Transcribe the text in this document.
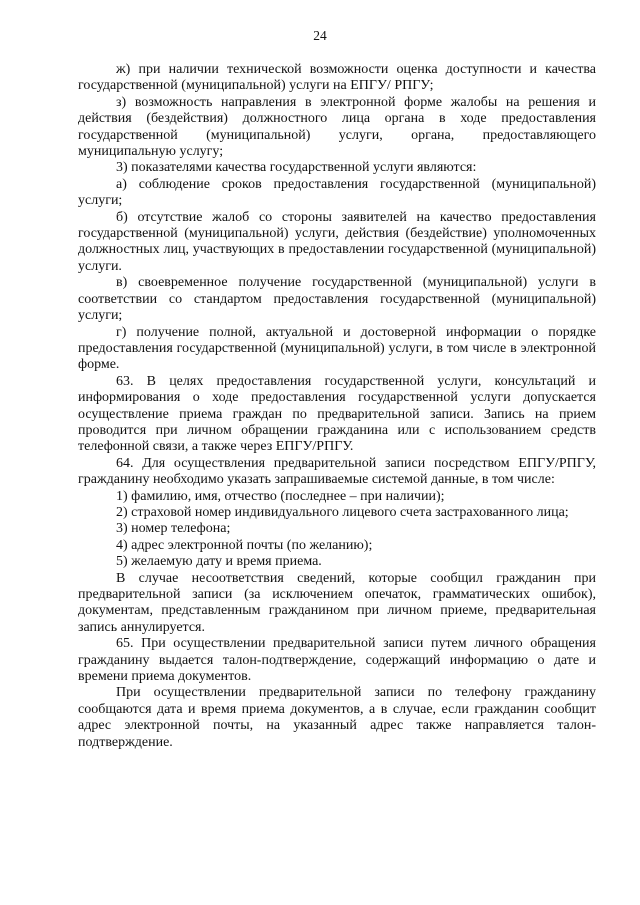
24

ж) при наличии технической возможности оценка доступности и качества государственной (муниципальной) услуги на ЕПГУ/ РПГУ;

з) возможность направления в электронной форме жалобы на решения и действия (бездействия) должностного лица органа в ходе предоставления государственной (муниципальной) услуги, органа, предоставляющего муниципальную услугу;

3) показателями качества государственной услуги являются:

а) соблюдение сроков предоставления государственной (муниципальной) услуги;

б) отсутствие жалоб со стороны заявителей на качество предоставления государственной (муниципальной) услуги, действия (бездействие) уполномоченных должностных лиц, участвующих в предоставлении государственной (муниципальной) услуги.

в) своевременное получение государственной (муниципальной) услуги в соответствии со стандартом предоставления государственной (муниципальной) услуги;

г) получение полной, актуальной и достоверной информации о порядке предоставления государственной (муниципальной) услуги, в том числе в электронной форме.

63. В целях предоставления государственной услуги, консультаций и информирования о ходе предоставления государственной услуги допускается осуществление приема граждан по предварительной записи. Запись на прием проводится при личном обращении гражданина или с использованием средств телефонной связи, а также через ЕПГУ/РПГУ.

64. Для осуществления предварительной записи посредством ЕПГУ/РПГУ, гражданину необходимо указать запрашиваемые системой данные, в том числе:

1) фамилию, имя, отчество (последнее – при наличии);

2) страховой номер индивидуального лицевого счета застрахованного лица;

3) номер телефона;

4) адрес электронной почты (по желанию);

5) желаемую дату и время приема.

В случае несоответствия сведений, которые сообщил гражданин при предварительной записи (за исключением опечаток, грамматических ошибок), документам, представленным гражданином при личном приеме, предварительная запись аннулируется.

65. При осуществлении предварительной записи путем личного обращения гражданину выдается талон-подтверждение, содержащий информацию о дате и времени приема документов.

При осуществлении предварительной записи по телефону гражданину сообщаются дата и время приема документов, а в случае, если гражданин сообщит адрес электронной почты, на указанный адрес также направляется талон-подтверждение.
